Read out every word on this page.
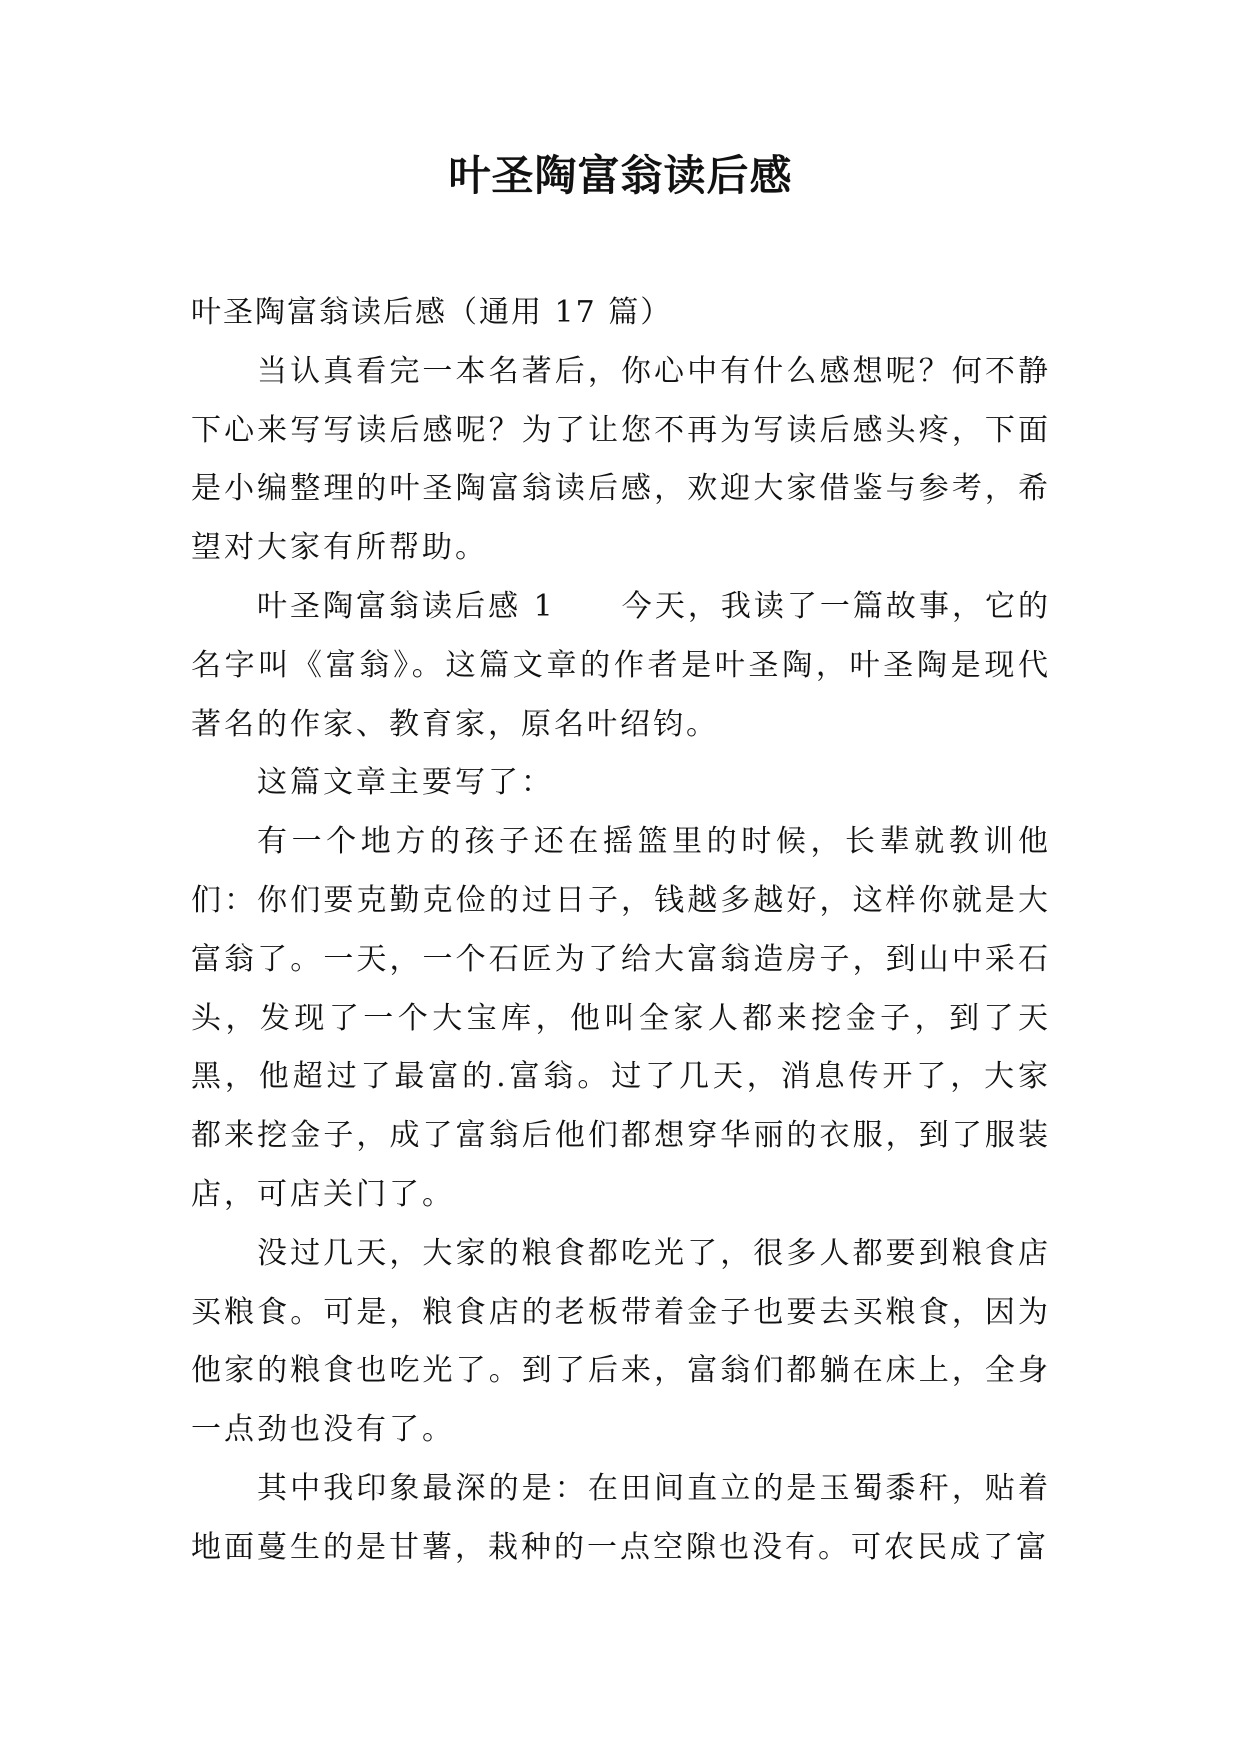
叶圣陶富翁读后感

叶圣陶富翁读后感（通用 17 篇）

当认真看完一本名著后，你心中有什么感想呢？何不静下心来写写读后感呢？为了让您不再为写读后感头疼，下面是小编整理的叶圣陶富翁读后感，欢迎大家借鉴与参考，希望对大家有所帮助。

叶圣陶富翁读后感 1　　今天，我读了一篇故事，它的名字叫《富翁》。这篇文章的作者是叶圣陶，叶圣陶是现代著名的作家、教育家，原名叶绍钧。

这篇文章主要写了：

有一个地方的孩子还在摇篮里的时候，长辈就教训他们：你们要克勤克俭的过日子，钱越多越好，这样你就是大富翁了。一天，一个石匠为了给大富翁造房子，到山中采石头，发现了一个大宝库，他叫全家人都来挖金子，到了天黑，他超过了最富的.富翁。过了几天，消息传开了，大家都来挖金子，成了富翁后他们都想穿华丽的衣服，到了服装店，可店关门了。

没过几天，大家的粮食都吃光了，很多人都要到粮食店买粮食。可是，粮食店的老板带着金子也要去买粮食，因为他家的粮食也吃光了。到了后来，富翁们都躺在床上，全身一点劲也没有了。

其中我印象最深的是：在田间直立的是玉蜀黍秆，贴着地面蔓生的是甘薯，栽种的一点空隙也没有。可农民成了富
